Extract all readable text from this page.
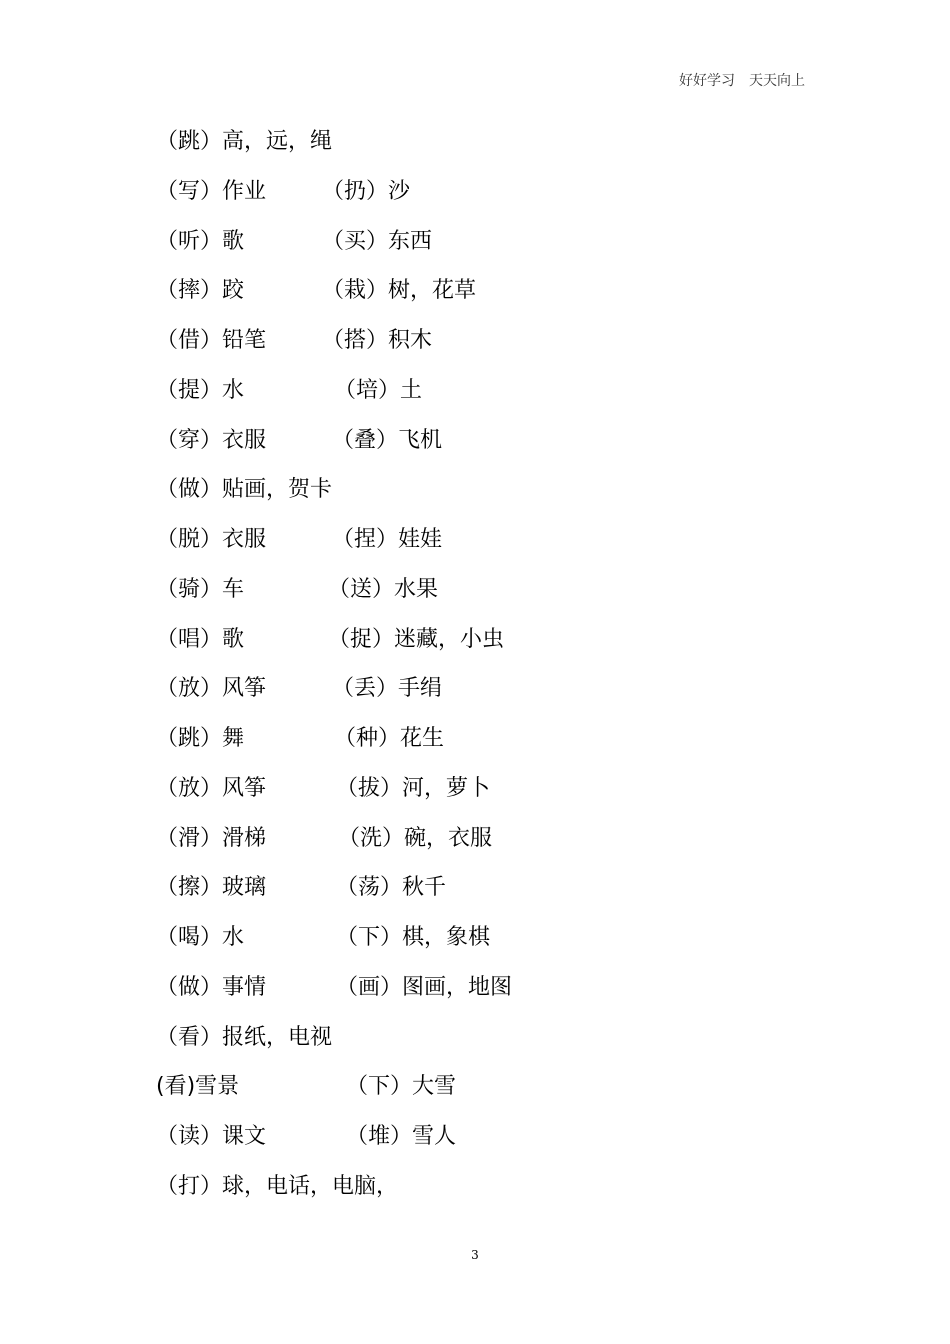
好好学习　天天向上
（跳）高，远，绳
（写）作业	（扔）沙
（听）歌	（买）东西
（摔）跤	（栽）树，花草
（借）铅笔	（搭）积木
（提）水	（培）土
（穿）衣服	（叠）飞机
（做）贴画，贺卡
（脱）衣服	（捏）娃娃
（骑）车	（送）水果
（唱）歌	（捉）迷藏，小虫
（放）风筝	（丢）手绢
（跳）舞	（种）花生
（放）风筝	（拔）河，萝卜
（滑）滑梯	（洗）碗，衣服
（擦）玻璃	（荡）秋千
（喝）水	（下）棋，象棋
（做）事情	（画）图画，地图
（看）报纸，电视
(看)雪景	（下）大雪
（读）课文	（堆）雪人
（打）球，电话，电脑，
3
